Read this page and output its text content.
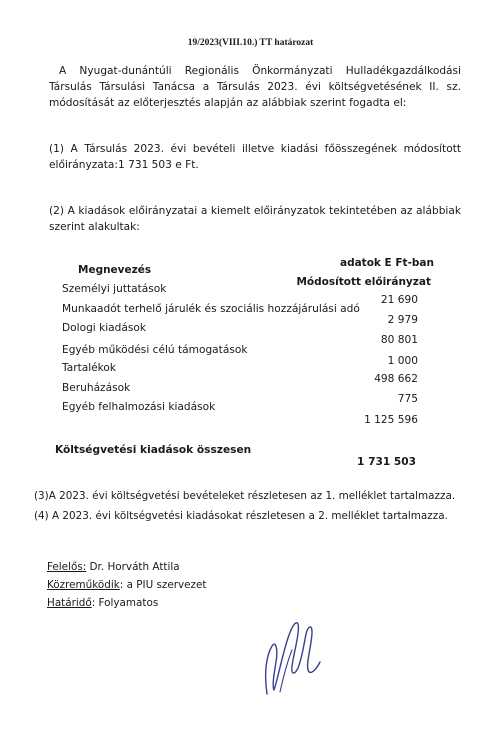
19/2023(VIII.10.) TT határozat
A Nyugat-dunántúli Regionális Önkormányzati Hulladékgazdálkodási Társulás Társulási Tanácsa a Társulás 2023. évi költségvetésének II. sz. módosítását az előterjesztés alapján az alábbiak szerint fogadta el:
(1) A Társulás 2023. évi bevételi illetve kiadási főösszegének módosított előirányzata:1 731 503 e Ft.
(2) A kiadások előirányzatai a kiemelt előirányzatok tekintetében az alábbiak szerint alakultak:
adatok E Ft-ban
Megnevezés
Módosított előirányzat
Személyi juttatások
21 690
Munkaadót terhelő járulék és szociális hozzájárulási adó
2 979
Dologi kiadások
80 801
Egyéb működési célú támogatások
1 000
Tartalékok
498 662
Beruházások
775
Egyéb felhalmozási kiadások
1 125 596
Költségvetési kiadások összesen
1 731 503
(3)A 2023. évi költségvetési bevételeket részletesen az 1. melléklet tartalmazza.
(4) A 2023. évi költségvetési kiadásokat részletesen a 2. melléklet tartalmazza.
Felelős: Dr. Horváth Attila
Közreműködik: a PIU szervezet
Határidő: Folyamatos
